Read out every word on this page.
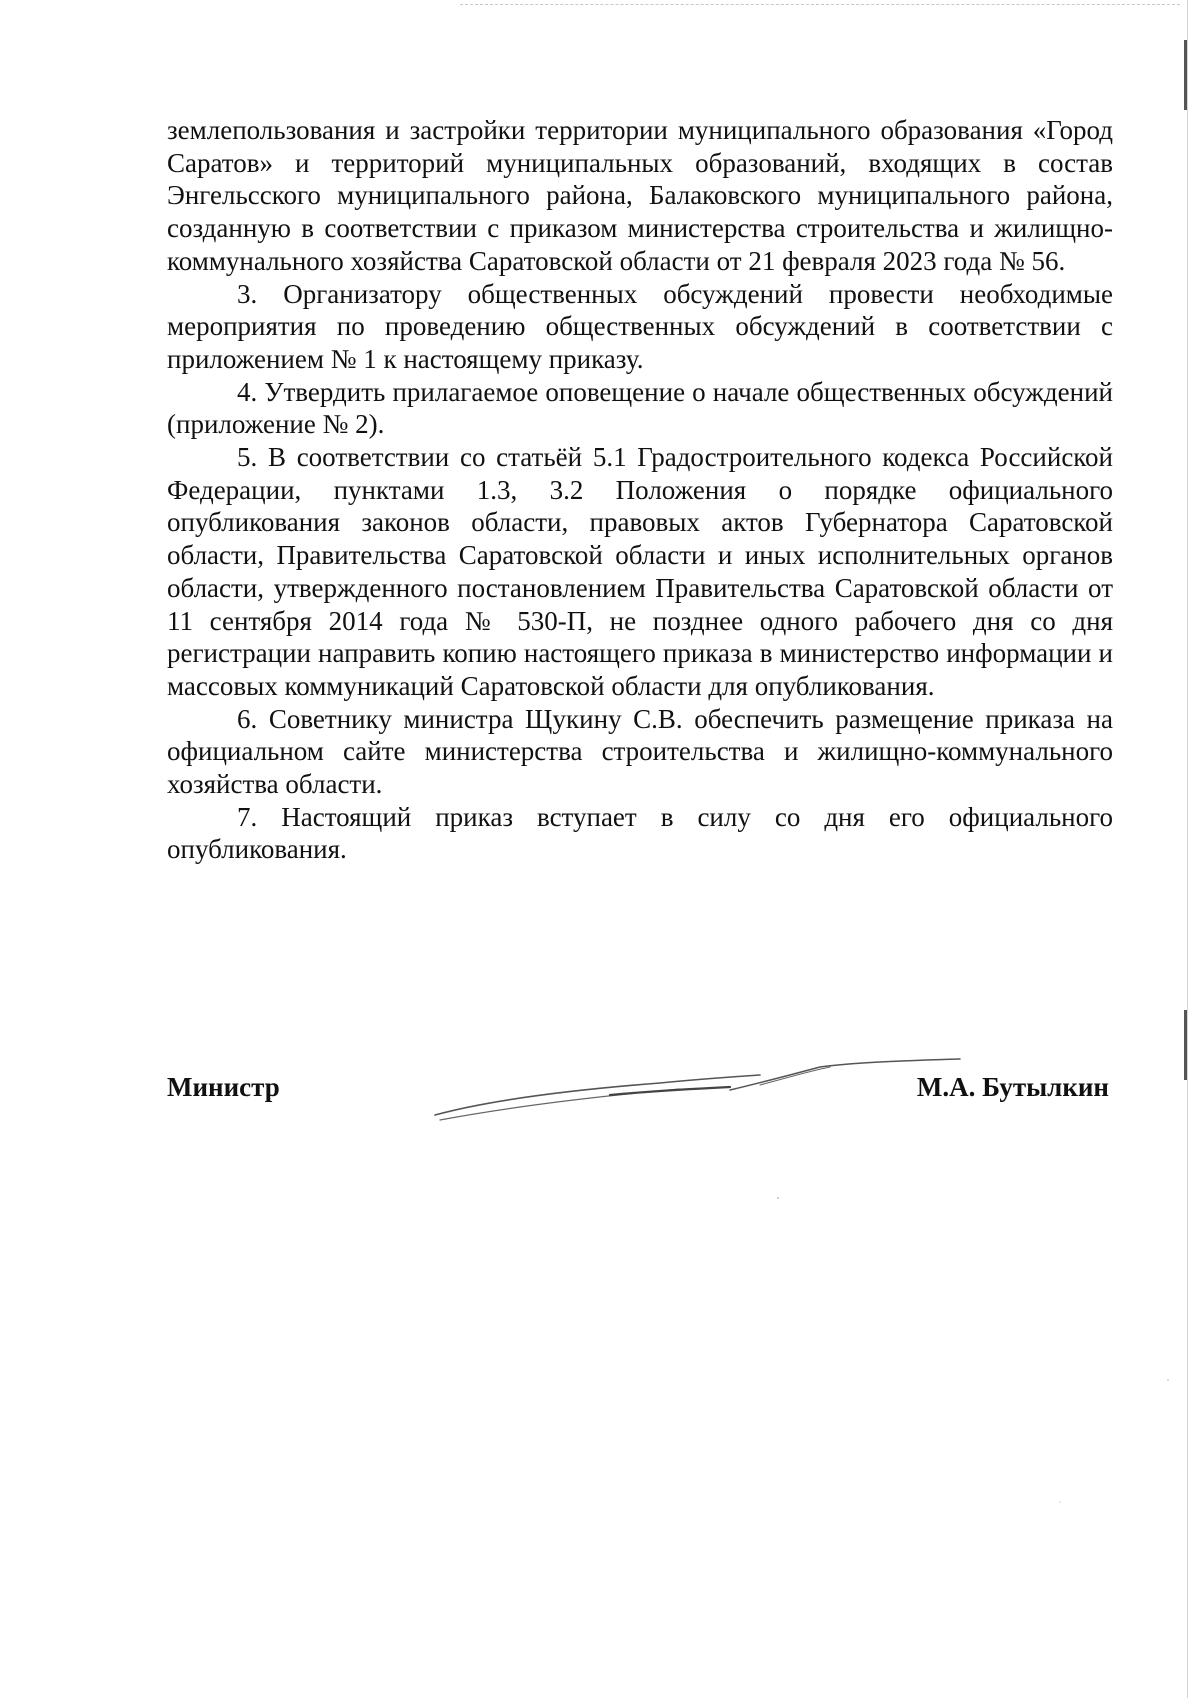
землепользования и застройки территории муниципального образования «Город Саратов» и территорий муниципальных образований, входящих в состав Энгельсского муниципального района, Балаковского муниципального района, созданную в соответствии с приказом министерства строительства и жилищно-коммунального хозяйства Саратовской области от 21 февраля 2023 года № 56.

3. Организатору общественных обсуждений провести необходимые мероприятия по проведению общественных обсуждений в соответствии с приложением № 1 к настоящему приказу.

4. Утвердить прилагаемое оповещение о начале общественных обсуждений (приложение № 2).

5. В соответствии со статьёй 5.1 Градостроительного кодекса Российской Федерации, пунктами 1.3, 3.2 Положения о порядке официального опубликования законов области, правовых актов Губернатора Саратовской области, Правительства Саратовской области и иных исполнительных органов области, утвержденного постановлением Правительства Саратовской области от 11 сентября 2014 года № 530-П, не позднее одного рабочего дня со дня регистрации направить копию настоящего приказа в министерство информации и массовых коммуникаций Саратовской области для опубликования.

6. Советнику министра Щукину С.В. обеспечить размещение приказа на официальном сайте министерства строительства и жилищно-коммунального хозяйства области.

7. Настоящий приказ вступает в силу со дня его официального опубликования.

Министр	М.А. Бутылкин
